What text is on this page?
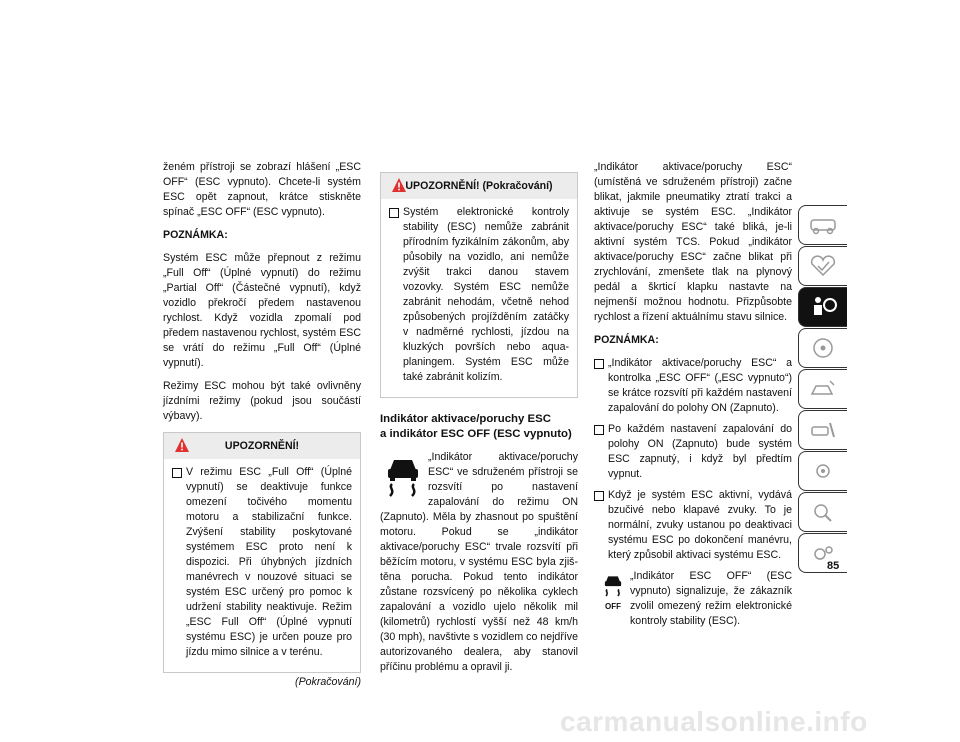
ženém přístroji se zobrazí hlášení „ESC OFF“ (ESC vypnuto). Chcete-li systém ESC opět zapnout, krátce stiskněte spínač „ESC OFF“ (ESC vypnuto).

POZNÁMKA:

Systém ESC může přepnout z režimu „Full Off“ (Úplné vypnutí) do režimu „Partial Off“ (Částečné vypnutí), když vozidlo překročí předem nastavenou rychlost. Když vozidla zpomalí pod předem nastavenou rychlost, systém ESC se vrátí do režimu „Full Off“ (Úplné vypnutí).

Režimy ESC mohou být také ovlivněny jízdními režimy (pokud jsou součástí výbavy).

UPOZORNĚNÍ!
V režimu ESC „Full Off“ (Úplné vypnutí) se deaktivuje funkce omezení točivého momentu motoru a stabilizační funkce. Zvýšení stability poskytované systémem ESC proto není k dispozici. Při úhybných jízdních manévrech v nouzové situaci se systém ESC určený pro pomoc k udržení stability neaktivuje. Režim „ESC Full Off“ (Úplné vypnutí systému ESC) je určen pouze pro jízdu mimo silnice a v terénu.
(Pokračování)
UPOZORNĚNÍ! (Pokračování)
Systém elektronické kontroly stability (ESC) nemůže zabránit přírodním fyzikálním zákonům, aby působily na vozidlo, ani nemůže zvýšit trakci danou stavem vozovky. Systém ESC nemůže zabránit nehodám, včetně nehod způsobených projížděním zatáčky v nadměrné rychlosti, jízdou na kluzkých površích nebo aquaplaningem. Systém ESC může také zabránit kolizím.
Indikátor aktivace/poruchy ESC
a indikátor ESC OFF (ESC vypnuto)

„Indikátor aktivace/poruchy ESC“ ve sdruženém přístroji se rozsvítí po nastavení zapalování do režimu ON (Zapnuto). Měla by zhasnout po spuštění motoru. Pokud se „indikátor aktivace/poruchy ESC“ trvale rozsvítí při běžícím motoru, v systému ESC byla zjištěna porucha. Pokud tento indikátor zůstane rozsvícený po několika cyklech zapalování a vozidlo ujelo několik mil (kilometrů) rychlostí vyšší než 48 km/h (30 mph), navštivte s vozidlem co nejdříve autorizovaného dealera, aby stanovil příčinu problému a opravil ji.

„Indikátor aktivace/poruchy ESC“ (umístěná ve sdruženém přístroji) začne blikat, jakmile pneumatiky ztratí trakci a aktivuje se systém ESC. „Indikátor aktivace/poruchy ESC“ také bliká, je-li aktivní systém TCS. Pokud „indikátor aktivace/poruchy ESC“ začne blikat při zrychlování, zmenšete tlak na plynový pedál a škrticí klapku nastavte na nejmenší možnou hodnotu. Přizpůsobte rychlost a řízení aktuálnímu stavu silnice.

POZNÁMKA:

„Indikátor aktivace/poruchy ESC“ a kontrolka „ESC OFF“ („ESC vypnuto“) se krátce rozsvítí při každém nastavení zapalování do polohy ON (Zapnuto).
Po každém nastavení zapalování do polohy ON (Zapnuto) bude systém ESC zapnutý, i když byl předtím vypnut.
Když je systém ESC aktivní, vydává bzučivé nebo klapavé zvuky. To je normální, zvuky ustanou po deaktivaci systému ESC po dokončení manévru, který způsobil aktivaci systému ESC.
OFF

„Indikátor ESC OFF“ (ESC vypnuto) signalizuje, že zákazník zvolil omezený režim elektronické kontroly stability (ESC).

85
carmanualsonline.info
